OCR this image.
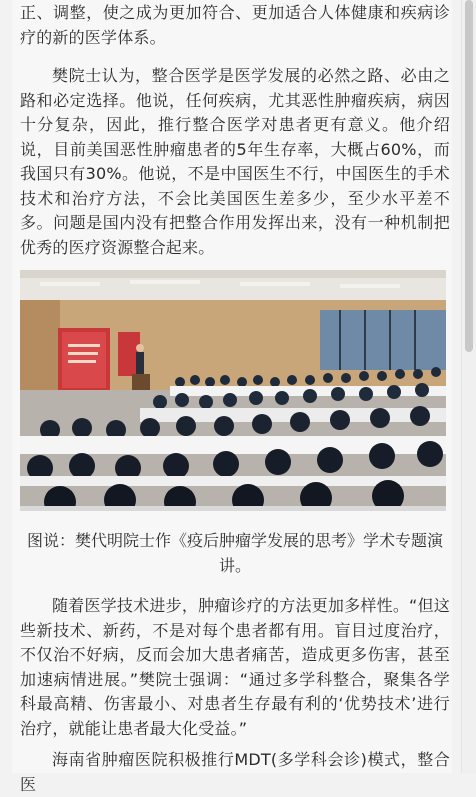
正、调整，使之成为更加符合、更加适合人体健康和疾病诊疗的新的医学体系。

樊院士认为，整合医学是医学发展的必然之路、必由之路和必定选择。他说，任何疾病，尤其恶性肿瘤疾病，病因十分复杂，因此，推行整合医学对患者更有意义。他介绍说，目前美国恶性肿瘤患者的5年生存率，大概占60%，而我国只有30%。他说，不是中国医生不行，中国医生的手术技术和治疗方法，不会比美国医生差多少，至少水平差不多。问题是国内没有把整合作用发挥出来，没有一种机制把优秀的医疗资源整合起来。

图说：樊代明院士作《疫后肿瘤学发展的思考》学术专题演讲。

随着医学技术进步，肿瘤诊疗的方法更加多样性。“但这些新技术、新药，不是对每个患者都有用。盲目过度治疗，不仅治不好病，反而会加大患者痛苦，造成更多伤害，甚至加速病情进展。”樊院士强调：“通过多学科整合，聚集各学科最高精、伤害最小、对患者生存最有利的‘优势技术’进行治疗，就能让患者最大化受益。”

海南省肿瘤医院积极推行MDT(多学科会诊)模式，整合医
